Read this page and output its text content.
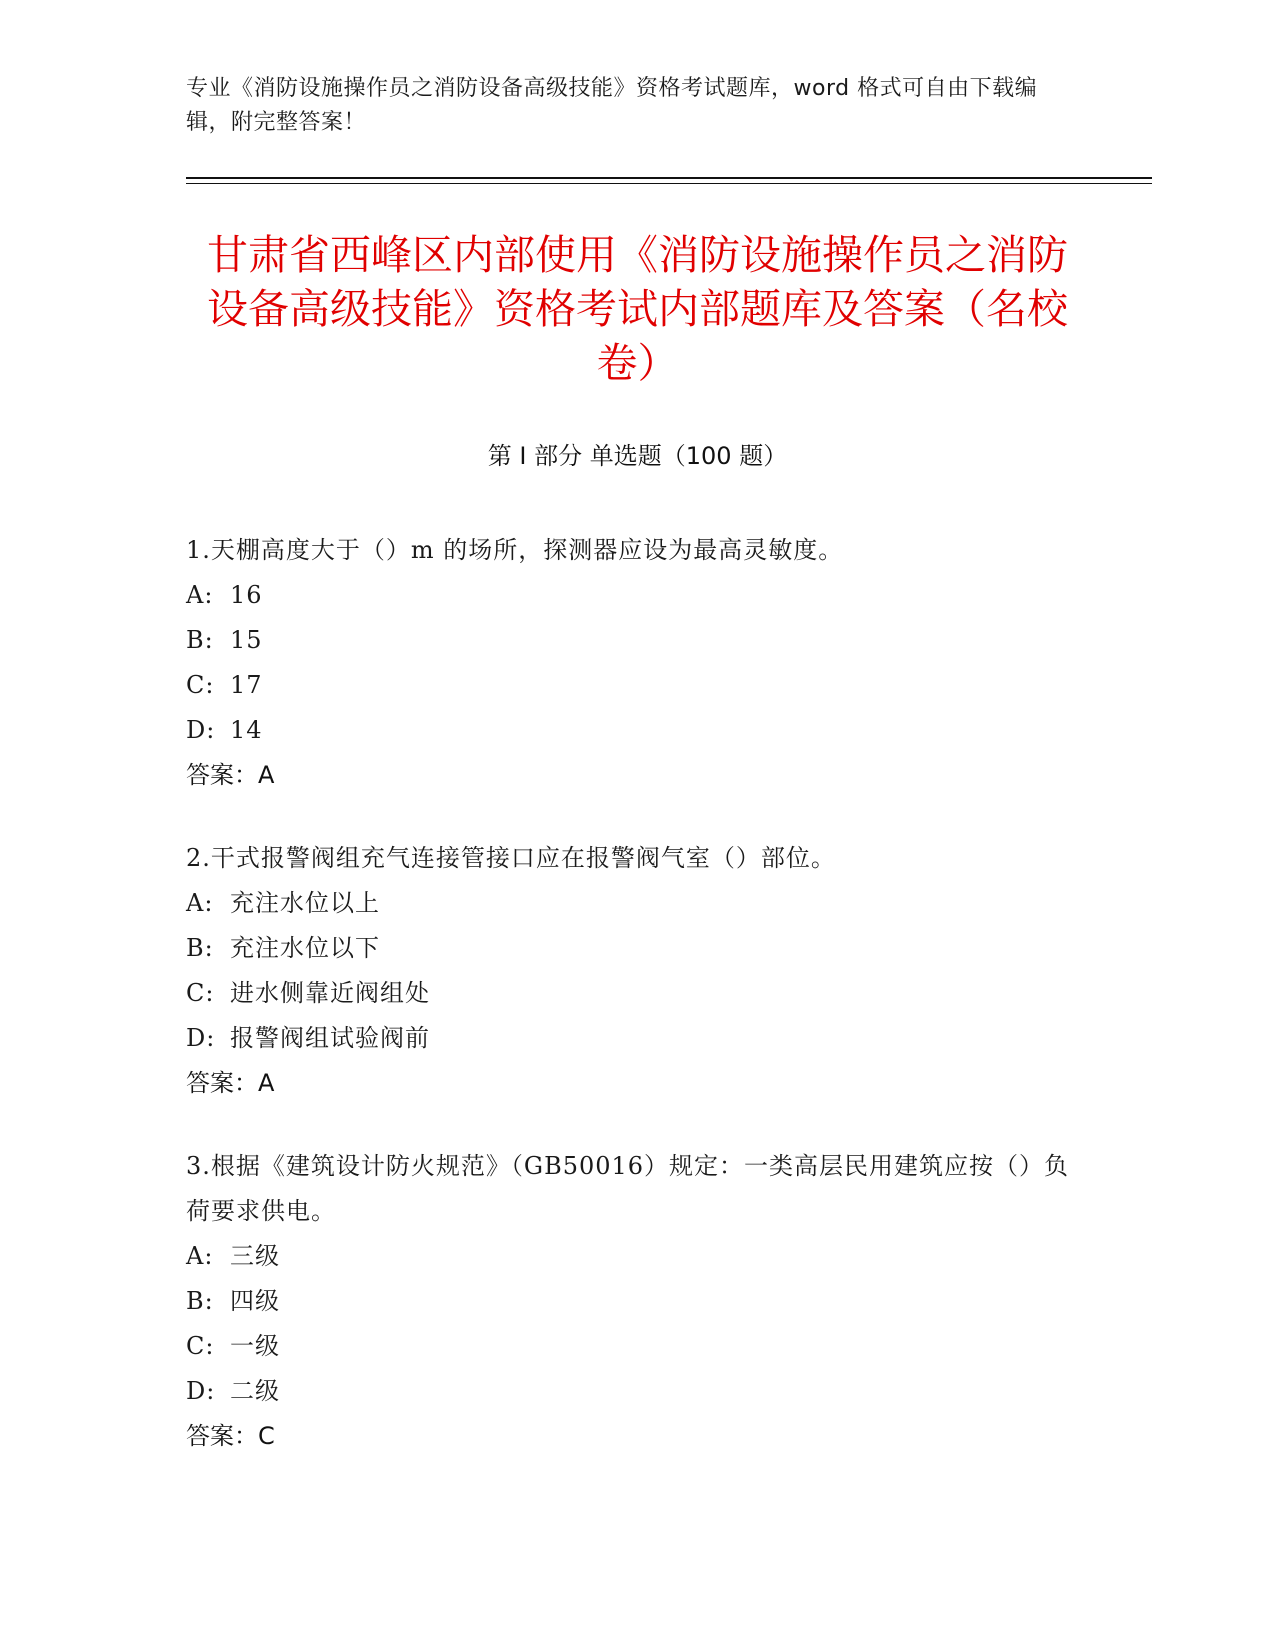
专业《消防设施操作员之消防设备高级技能》资格考试题库，word 格式可自由下载编辑，附完整答案！
甘肃省西峰区内部使用《消防设施操作员之消防设备高级技能》资格考试内部题库及答案（名校卷）
第 I 部分 单选题（100 题）
1.天棚高度大于（）m 的场所，探测器应设为最高灵敏度。
A: 16
B: 15
C: 17
D: 14
答案：A
2.干式报警阀组充气连接管接口应在报警阀气室（）部位。
A: 充注水位以上
B: 充注水位以下
C: 进水侧靠近阀组处
D: 报警阀组试验阀前
答案：A
3.根据《建筑设计防火规范》（GB50016）规定：一类高层民用建筑应按（）负荷要求供电。
A: 三级
B: 四级
C: 一级
D: 二级
答案：C
